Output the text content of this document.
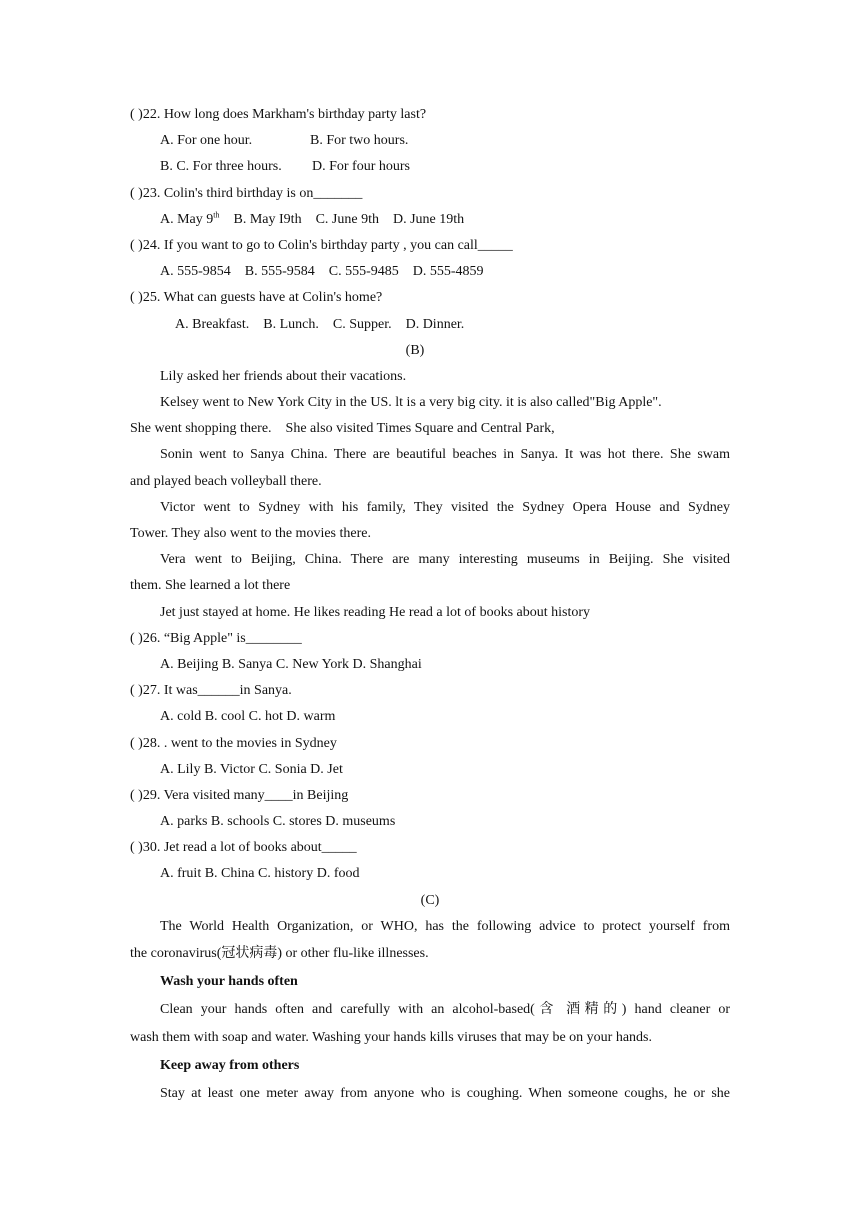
( )22. How long does Markham's birthday party last?
A. For one hour.	B. For two hours.
B. C. For three hours. D. For four hours
( )23. Colin's third birthday is on_______
A. May 9th    B. May I9th    C. June 9th    D. June 19th
( )24. If you want to go to Colin's birthday party , you can call_____
A. 555-9854    B. 555-9584    C. 555-9485    D. 555-4859
( )25. What can guests have at Colin's home?
A. Breakfast.    B. Lunch.    C. Supper.    D. Dinner.
(B)
Lily asked her friends about their vacations.
Kelsey went to New York City in the US. lt is a very big city. it is also called"Big Apple".
She went shopping there.    She also visited Times Square and Central Park,
Sonin went to Sanya China. There are beautiful beaches in Sanya. It was hot there. She swam
and played beach volleyball there.
Victor went to Sydney with his family, They visited the Sydney Opera House and Sydney
Tower. They also went to the movies there.
Vera went to Beijing, China. There are many interesting museums in Beijing. She visited
them. She learned a lot there
Jet just stayed at home. He likes reading He read a lot of books about history
( )26. “Big Apple" is________
A. Beijing B. Sanya C. New York D. Shanghai
( )27. It was______in Sanya.
A. cold B. cool C. hot D. warm
( )28. . went to the movies in Sydney
A. Lily B. Victor C. Sonia D. Jet
( )29. Vera visited many____in Beijing
A. parks B. schools C. stores D. museums
( )30. Jet read a lot of books about_____
A. fruit B. China C. history D. food
(C)
The World Health Organization, or WHO, has the following advice to protect yourself from
the coronavirus(冠状病毒) or other flu-like illnesses.
Wash your hands often
Clean your hands often and carefully with an alcohol-based(含 酒精的) hand cleaner or
wash them with soap and water. Washing your hands kills viruses that may be on your hands.
Keep away from others
Stay at least one meter away from anyone who is coughing. When someone coughs, he or she
